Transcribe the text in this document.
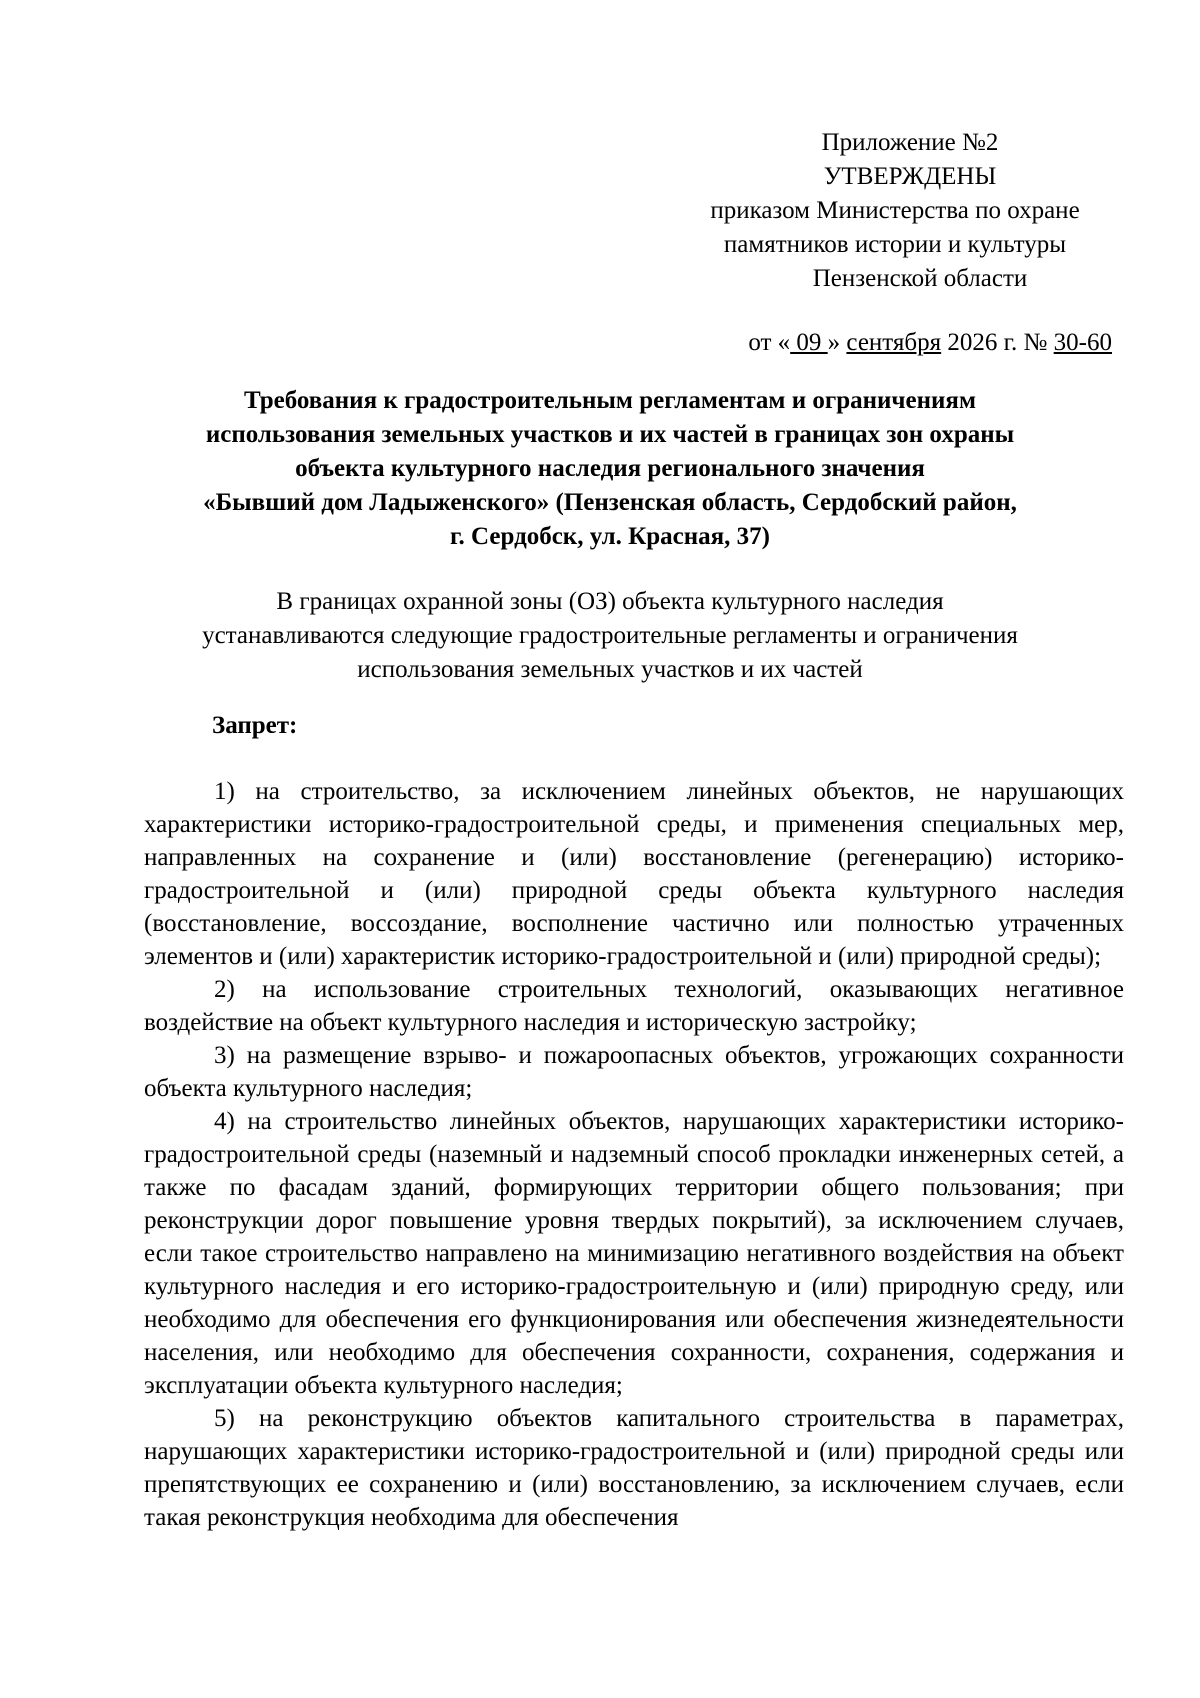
Приложение №2
УТВЕРЖДЕНЫ
приказом Министерства по охране
памятников истории и культуры
Пензенской области
от « 09 » сентября 2026 г. № 30-60
Требования к градостроительным регламентам и ограничениям
использования земельных участков и их частей в границах зон охраны
объекта культурного наследия регионального значения
«Бывший дом Ладыженского» (Пензенская область, Сердобский район,
г. Сердобск, ул. Красная, 37)
В границах охранной зоны (ОЗ) объекта культурного наследия
устанавливаются следующие градостроительные регламенты и ограничения
использования земельных участков и их частей
Запрет:

1) на строительство, за исключением линейных объектов, не нарушающих характеристики историко-градостроительной среды, и применения специальных мер, направленных на сохранение и (или) восстановление (регенерацию) историко-градостроительной и (или) природной среды объекта культурного наследия (восстановление, воссоздание, восполнение частично или полностью утраченных элементов и (или) характеристик историко-градостроительной и (или) природной среды);

2) на использование строительных технологий, оказывающих негативное воздействие на объект культурного наследия и историческую застройку;

3) на размещение взрыво- и пожароопасных объектов, угрожающих сохранности объекта культурного наследия;

4) на строительство линейных объектов, нарушающих характеристики историко-градостроительной среды (наземный и надземный способ прокладки инженерных сетей, а также по фасадам зданий, формирующих территории общего пользования; при реконструкции дорог повышение уровня твердых покрытий), за исключением случаев, если такое строительство направлено на минимизацию негативного воздействия на объект культурного наследия и его историко-градостроительную и (или) природную среду, или необходимо для обеспечения его функционирования или обеспечения жизнедеятельности населения, или необходимо для обеспечения сохранности, сохранения, содержания и эксплуатации объекта культурного наследия;

5) на реконструкцию объектов капитального строительства в параметрах, нарушающих характеристики историко-градостроительной и (или) природной среды или препятствующих ее сохранению и (или) восстановлению, за исключением случаев, если такая реконструкция необходима для обеспечения
